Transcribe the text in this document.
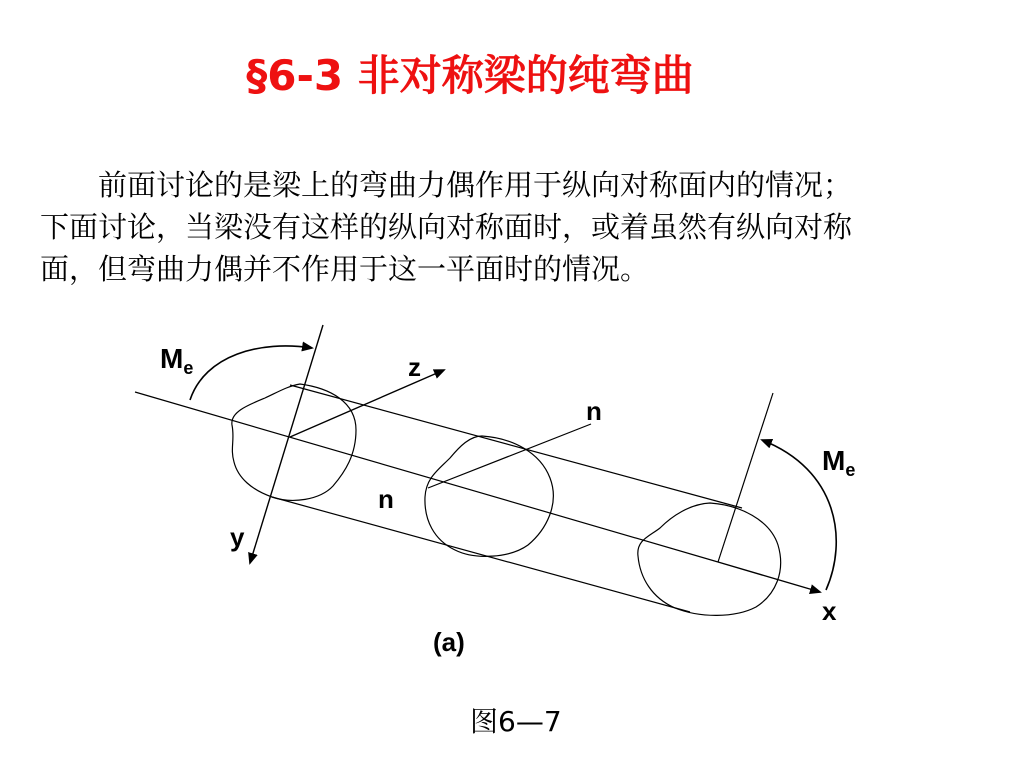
§6-3 非对称梁的纯弯曲
前面讨论的是梁上的弯曲力偶作用于纵向对称面内的情况；
下面讨论，当梁没有这样的纵向对称面时，或着虽然有纵向对称
面，但弯曲力偶并不作用于这一平面时的情况。
$M_e$
$M_e$
z
y
x
n
n
(a)
图6—7
